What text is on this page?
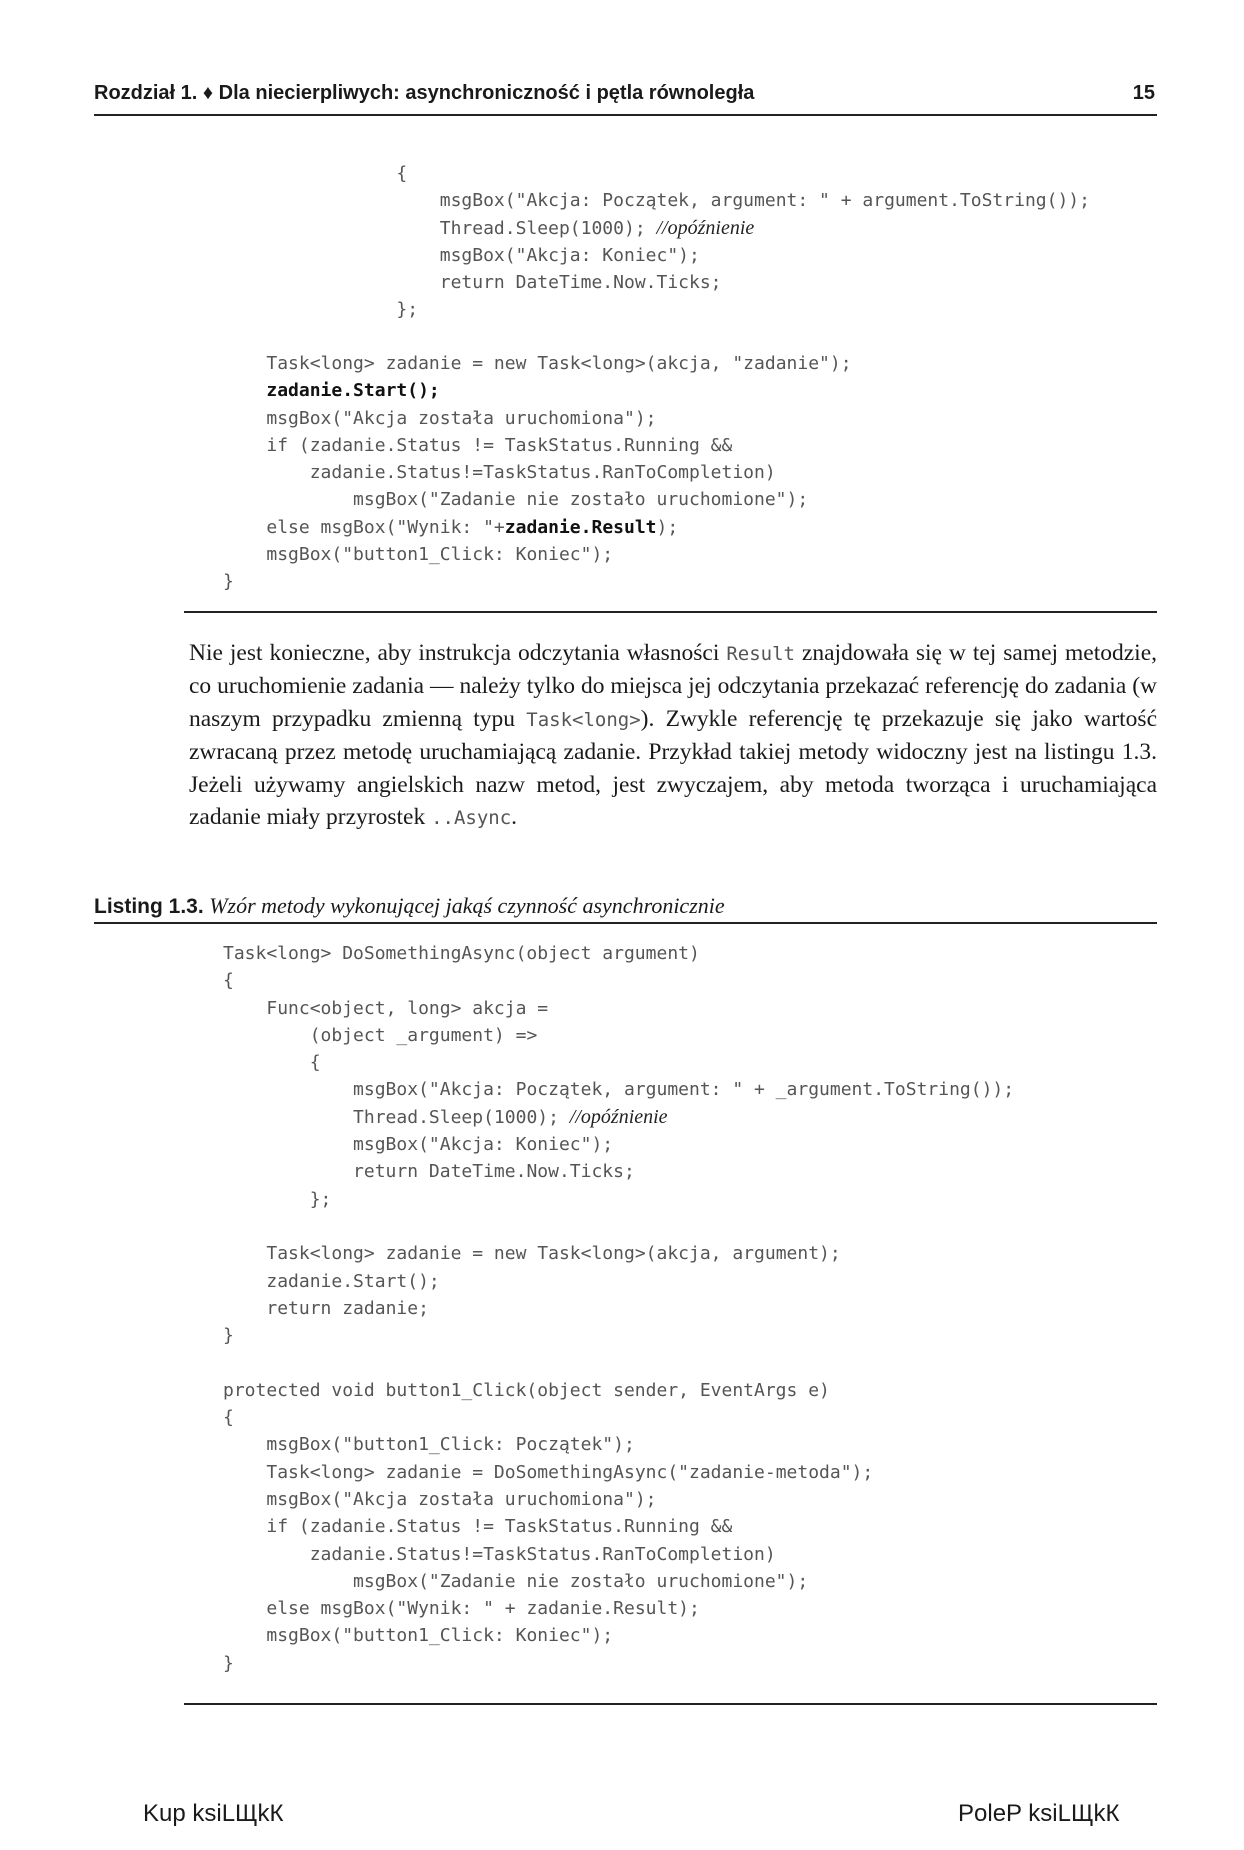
Rozdział 1. ♦ Dla niecierpliwych: asynchroniczność i pętla równoległa	15
{
msgBox("Akcja: Początek, argument: " + argument.ToString());
Thread.Sleep(1000); //opóźnienie
msgBox("Akcja: Koniec");
return DateTime.Now.Ticks;
};

Task<long> zadanie = new Task<long>(akcja, "zadanie");
zadanie.Start();
msgBox("Akcja została uruchomiona");
if (zadanie.Status != TaskStatus.Running &&
zadanie.Status!=TaskStatus.RanToCompletion)
msgBox("Zadanie nie zostało uruchomione");
else msgBox("Wynik: "+zadanie.Result);
msgBox("button1_Click: Koniec");
}

Nie jest konieczne, aby instrukcja odczytania własności Result znajdowała się w tej samej metodzie, co uruchomienie zadania — należy tylko do miejsca jej odczytania przekazać referencję do zadania (w naszym przypadku zmienną typu Task<long>). Zwykle referencję tę przekazuje się jako wartość zwracaną przez metodę uruchamiającą zadanie. Przykład takiej metody widoczny jest na listingu 1.3. Jeżeli używamy angielskich nazw metod, jest zwyczajem, aby metoda tworząca i uruchamiająca zadanie miały przyrostek ..Async.

Listing 1.3. Wzór metody wykonującej jakąś czynność asynchronicznie
Task<long> DoSomethingAsync(object argument)
{
Func<object, long> akcja =
(object _argument) =>
{
msgBox("Akcja: Początek, argument: " + _argument.ToString());
Thread.Sleep(1000); //opóźnienie
msgBox("Akcja: Koniec");
return DateTime.Now.Ticks;
};

Task<long> zadanie = new Task<long>(akcja, argument);
zadanie.Start();
return zadanie;
}

protected void button1_Click(object sender, EventArgs e)
{
msgBox("button1_Click: Początek");
Task<long> zadanie = DoSomethingAsync("zadanie-metoda");
msgBox("Akcja została uruchomiona");
if (zadanie.Status != TaskStatus.Running &&
zadanie.Status!=TaskStatus.RanToCompletion)
msgBox("Zadanie nie zostało uruchomione");
else msgBox("Wynik: " + zadanie.Result);
msgBox("button1_Click: Koniec");
}

Kup ksiLЩkК	PoleP ksiLЩkК
